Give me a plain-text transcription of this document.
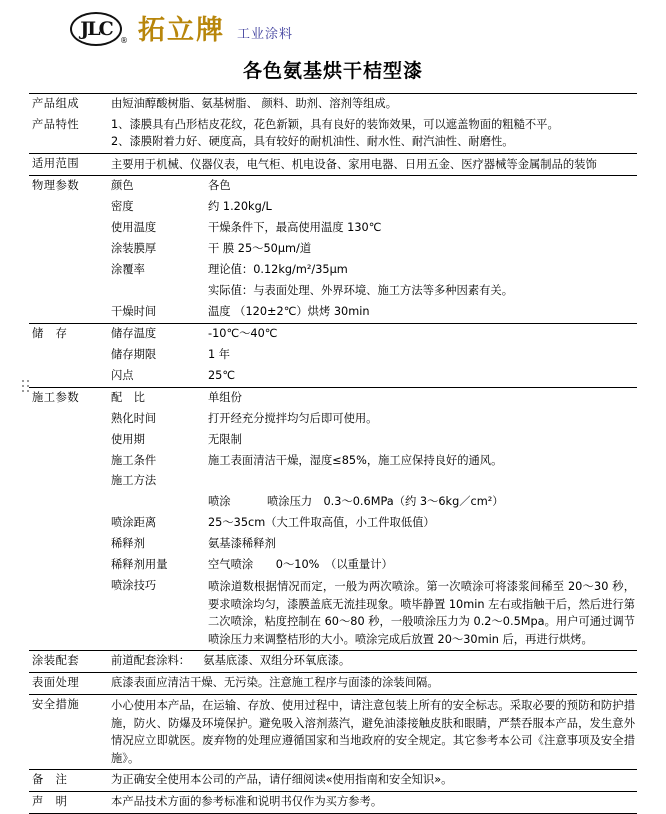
JLC
® 拓立牌 工业涂料
各色氨基烘干桔型漆
产品组成	由短油醇酸树脂、氨基树脂、 颜料、助剂、溶剂等组成。		
产品特性	1、漆膜具有凸形桔皮花纹，花色新颖，具有良好的装饰效果，可以遮盖物面的粗糙不平。
2、漆膜附着力好、硬度高，具有较好的耐机油性、耐水性、耐汽油性、耐磨性。

适用范围	主要用于机械、仪器仪表，电气柜、机电设备、家用电器、日用五金、医疗器械等金属制品的装饰		
物理参数	颜色	各色	
	密度	约 1.20kg/L	
	使用温度	干燥条件下，最高使用温度 130℃	
	涂装膜厚	干 膜 25～50μm/道	
	涂覆率	理论值：0.12kg/m²/35μm	
		实际值：与表面处理、外界环境、施工方法等多种因素有关。	
	干燥时间	温度 （120±2℃）烘烤 30min	
储　存	储存温度	-10℃～40℃	
	储存期限	1 年	
	闪点	25℃	
施工参数	配　比	单组份	
	熟化时间	打开经充分搅拌均匀后即可使用。	
	使用期	无限制	
	施工条件	施工表面清洁干燥，湿度≤85%，施工应保持良好的通风。	
	施工方法		
		喷涂	喷涂压力　0.3～0.6MPa（约 3～6kg／cm²）
	喷涂距离	25～35cm（大工件取高值，小工件取低值）	
	稀释剂	氨基漆稀释剂	
	稀释剂用量	空气喷涂　　0～10%　（以重量计）	
	喷涂技巧	喷涂道数根据情况而定，一般为两次喷涂。第一次喷涂可将漆浆间稀至 20～30 秒，要求喷涂均匀，漆膜盖底无流挂现象。喷毕静置 10min 左右或指触干后，然后进行第二次喷涂，粘度控制在 60～80 秒，一般喷涂压力为 0.2～0.5Mpa。用户可通过调节喷涂压力来调整桔形的大小。喷涂完成后放置 20～30min 后，再进行烘烤。	
涂装配套	前道配套涂料： 氨基底漆、双组分环氧底漆。		
表面处理	底漆表面应清洁干燥、无污染。注意施工程序与面漆的涂装间隔。		
安全措施	小心使用本产品，在运输、存放、使用过程中，请注意包装上所有的安全标志。采取必要的预防和防护措施，防火、防爆及环境保护。避免吸入溶剂蒸汽，避免油漆接触皮肤和眼睛，严禁吞服本产品，发生意外情况应立即就医。废弃物的处理应遵循国家和当地政府的安全规定。其它参考本公司《注意事项及安全措施》。		
备　注	为正确安全使用本公司的产品，请仔细阅读«使用指南和安全知识»。		
声　明	本产品技术方面的参考标准和说明书仅作为买方参考。		
